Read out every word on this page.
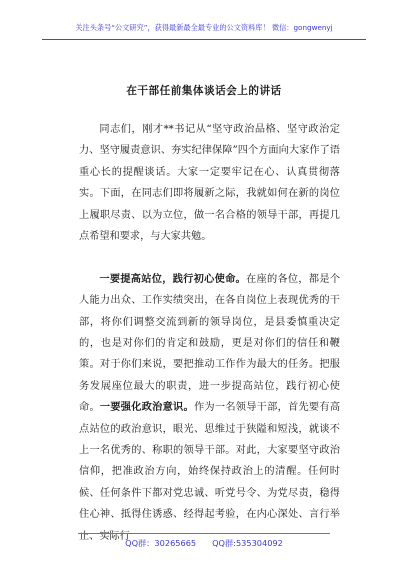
关注头条号“公文研究”，获得最新最全最专业的公文资料库！ 微信：gongwenyj
在干部任前集体谈话会上的讲话

同志们，刚才**书记从“坚守政治品格、坚守政治定力、坚守履责意识、夯实纪律保障”四个方面向大家作了语重心长的提醒谈话。大家一定要牢记在心、认真贯彻落实。下面，在同志们即将履新之际，我就如何在新的岗位上履职尽责、以为立位，做一名合格的领导干部，再提几点希望和要求，与大家共勉。

一要提高站位，践行初心使命。在座的各位，都是个人能力出众、工作实绩突出，在各自岗位上表现优秀的干部，将你们调整交流到新的领导岗位，是县委慎重决定的，也是对你们的肯定和鼓励，更是对你们的信任和鞭策。对于你们来说，要把推动工作作为最大的任务。把服务发展座位最大的职责，进一步提高站位，践行初心使命。一要强化政治意识。作为一名领导干部，首先要有高点站位的政治意识，眼光、思维过于狭隘和短浅，就谈不上一名优秀的、称职的领导干部。对此，大家要坚守政治信仰，把准政治方向，始终保持政治上的清醒。任何时候、任何条件下都对党忠诚、听党号令、为党尽责，稳得住心神、抵得住诱惑、经得起考验，在内心深处、言行举止、实际行

QQ群：30265665 QQ群:535304092
